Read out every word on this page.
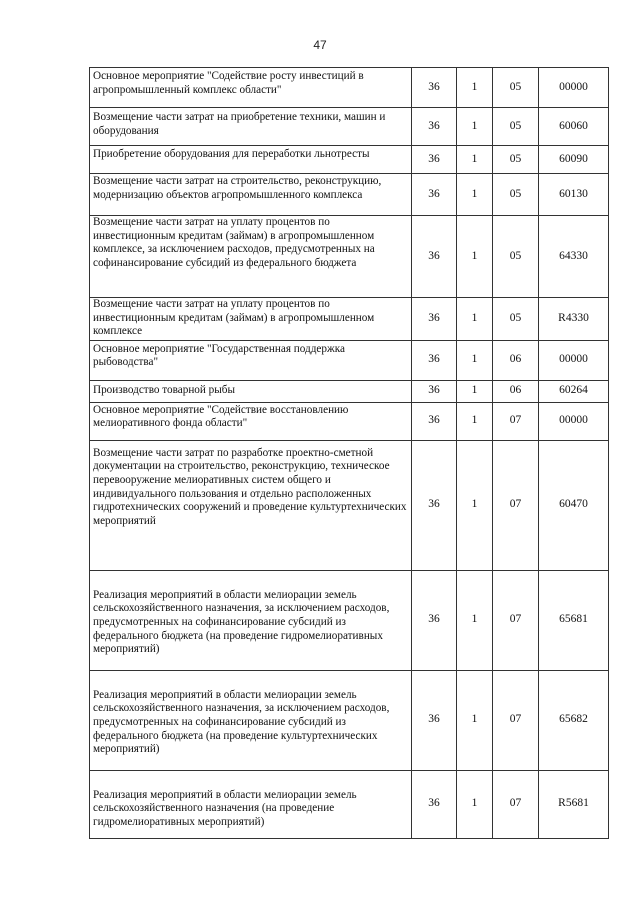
47
Основное мероприятие "Содействие росту инвестиций в агропромышленный комплекс области"	36	1	05	00000
Возмещение части затрат на приобретение техники, машин и оборудования	36	1	05	60060
Приобретение оборудования для переработки льнотресты	36	1	05	60090
Возмещение части затрат на строительство, реконструкцию, модернизацию объектов агропромышленного комплекса	36	1	05	60130
Возмещение части затрат на уплату процентов по инвестиционным кредитам (займам) в агропромышленном комплексе, за исключением расходов, предусмотренных на софинансирование субсидий из федерального бюджета	36	1	05	64330
Возмещение части затрат на уплату процентов по инвестиционным кредитам (займам) в агропромышленном комплексе	36	1	05	R4330
Основное мероприятие "Государственная поддержка рыбоводства"	36	1	06	00000
Производство товарной рыбы	36	1	06	60264
Основное мероприятие "Содействие восстановлению мелиоративного фонда области"	36	1	07	00000
Возмещение части затрат по разработке проектно-сметной документации на строительство, реконструкцию, техническое перевооружение мелиоративных систем общего и индивидуального пользования и отдельно расположенных гидротехнических сооружений и проведение культуртехнических мероприятий	36	1	07	60470
Реализация мероприятий в области мелиорации земель сельскохозяйственного назначения, за исключением расходов, предусмотренных на софинансирование субсидий из федерального бюджета (на проведение гидромелиоративных мероприятий)	36	1	07	65681
Реализация мероприятий в области мелиорации земель сельскохозяйственного назначения, за исключением расходов, предусмотренных на софинансирование субсидий из федерального бюджета (на проведение культуртехнических мероприятий)	36	1	07	65682
Реализация мероприятий в области мелиорации земель сельскохозяйственного назначения (на проведение гидромелиоративных мероприятий)	36	1	07	R5681
